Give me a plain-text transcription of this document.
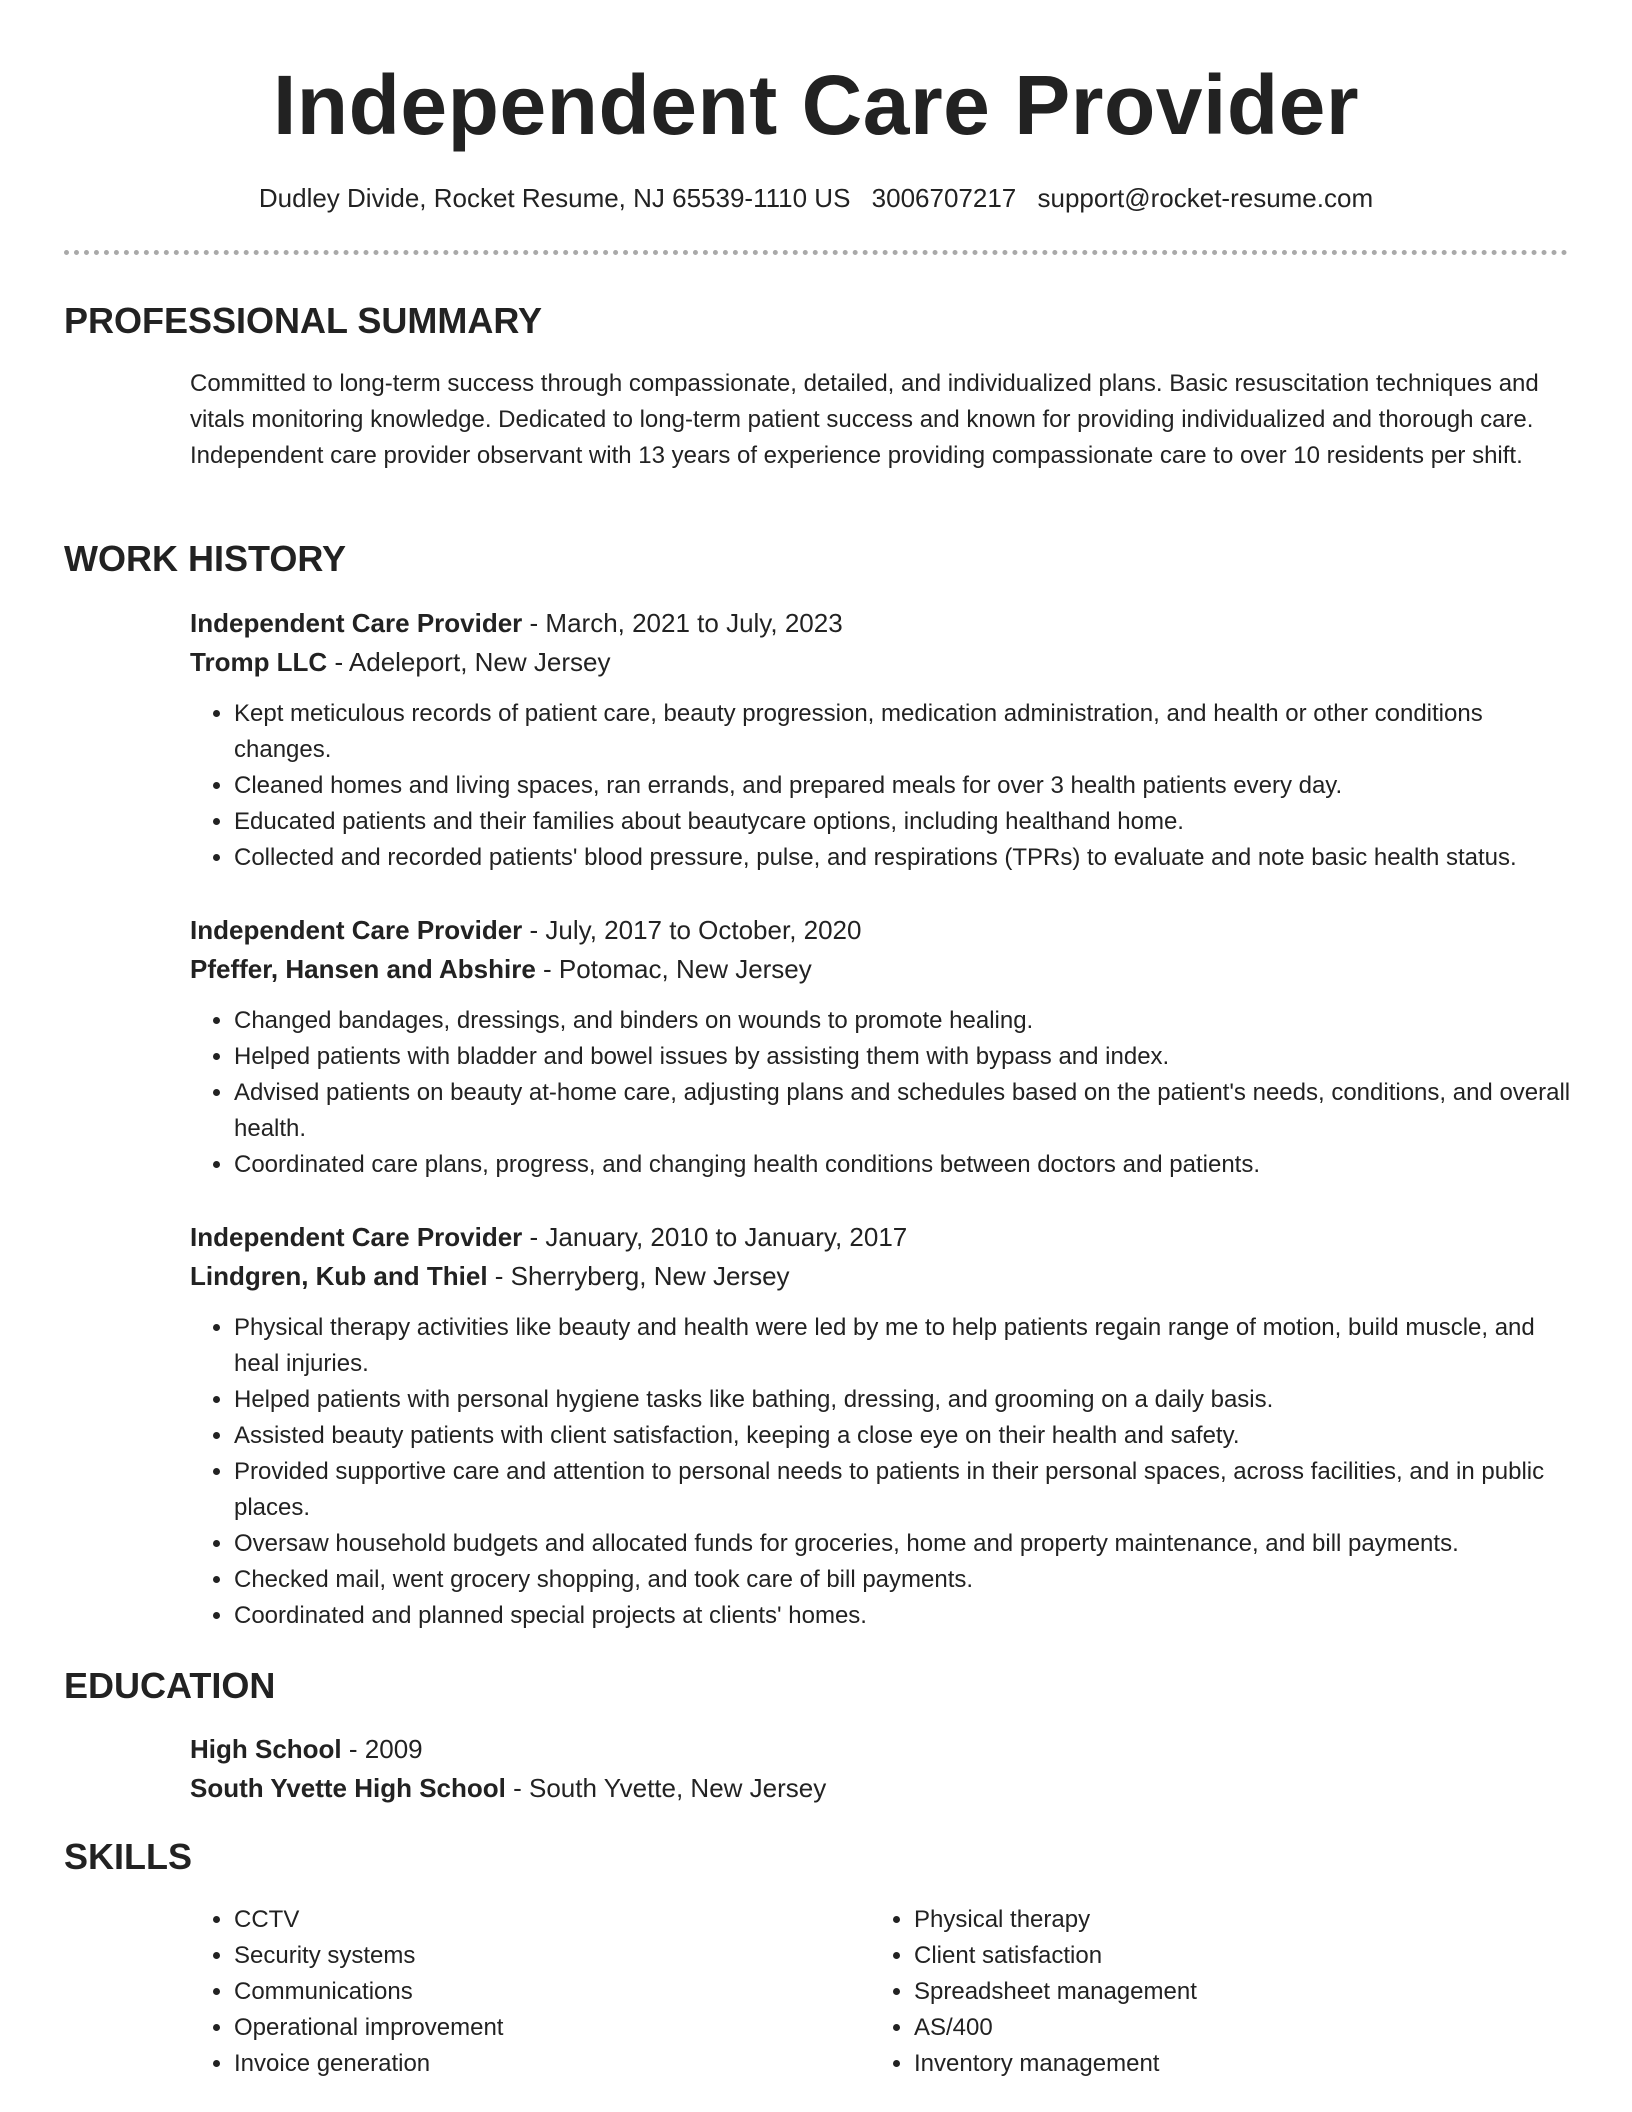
Independent Care Provider
Dudley Divide, Rocket Resume, NJ 65539-1110 US 3006707217 support@rocket-resume.com
PROFESSIONAL SUMMARY

Committed to long-term success through compassionate, detailed, and individualized plans. Basic resuscitation techniques and vitals monitoring knowledge. Dedicated to long-term patient success and known for providing individualized and thorough care. Independent care provider observant with 13 years of experience providing compassionate care to over 10 residents per shift.

WORK HISTORY

Independent Care Provider - March, 2021 to July, 2023

Tromp LLC - Adeleport, New Jersey

• Kept meticulous records of patient care, beauty progression, medication administration, and health or other conditions changes.
• Cleaned homes and living spaces, ran errands, and prepared meals for over 3 health patients every day.
• Educated patients and their families about beautycare options, including healthand home.
• Collected and recorded patients' blood pressure, pulse, and respirations (TPRs) to evaluate and note basic health status.

Independent Care Provider - July, 2017 to October, 2020

Pfeffer, Hansen and Abshire - Potomac, New Jersey

• Changed bandages, dressings, and binders on wounds to promote healing.
• Helped patients with bladder and bowel issues by assisting them with bypass and index.
• Advised patients on beauty at-home care, adjusting plans and schedules based on the patient's needs, conditions, and overall health.
• Coordinated care plans, progress, and changing health conditions between doctors and patients.

Independent Care Provider - January, 2010 to January, 2017

Lindgren, Kub and Thiel - Sherryberg, New Jersey

• Physical therapy activities like beauty and health were led by me to help patients regain range of motion, build muscle, and heal injuries.
• Helped patients with personal hygiene tasks like bathing, dressing, and grooming on a daily basis.
• Assisted beauty patients with client satisfaction, keeping a close eye on their health and safety.
• Provided supportive care and attention to personal needs to patients in their personal spaces, across facilities, and in public places.
• Oversaw household budgets and allocated funds for groceries, home and property maintenance, and bill payments.
• Checked mail, went grocery shopping, and took care of bill payments.
• Coordinated and planned special projects at clients' homes.
EDUCATION

High School - 2009

South Yvette High School - South Yvette, New Jersey

SKILLS
• CCTV
• Security systems
• Communications
• Operational improvement
• Invoice generation
• Physical therapy
• Client satisfaction
• Spreadsheet management
• AS/400
• Inventory management
